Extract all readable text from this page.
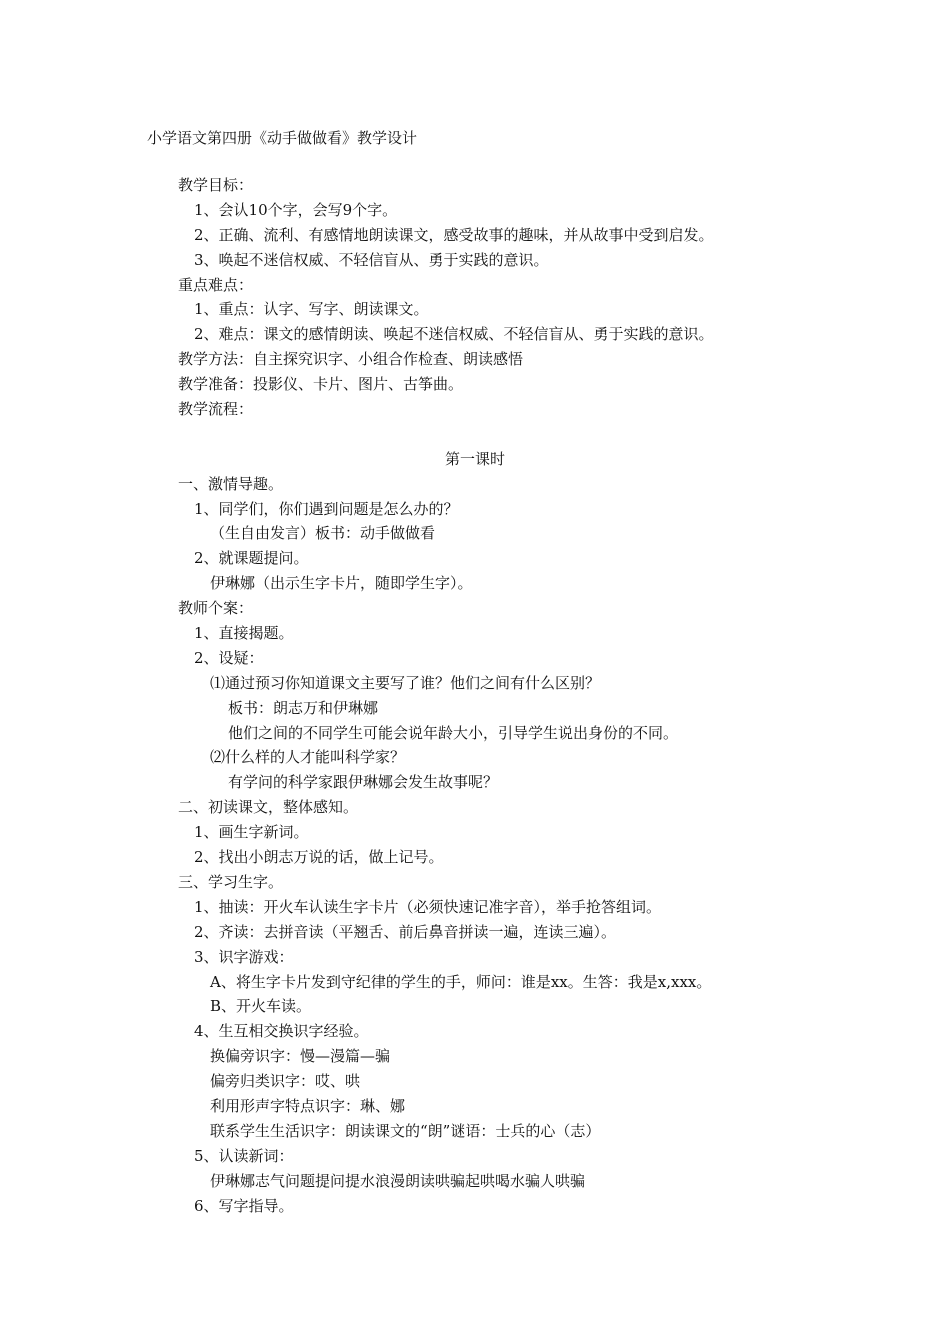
小学语文第四册《动手做做看》教学设计
教学目标：
1、会认10个字，会写9个字。
2、正确、流利、有感情地朗读课文，感受故事的趣味，并从故事中受到启发。
3、唤起不迷信权威、不轻信盲从、勇于实践的意识。
重点难点：
1、重点：认字、写字、朗读课文。
2、难点：课文的感情朗读、唤起不迷信权威、不轻信盲从、勇于实践的意识。
教学方法：自主探究识字、小组合作检查、朗读感悟
教学准备：投影仪、卡片、图片、古筝曲。
教学流程：
第一课时
一、激情导趣。
1、同学们，你们遇到问题是怎么办的？
（生自由发言）板书：动手做做看
2、就课题提问。
伊琳娜（出示生字卡片，随即学生字）。
教师个案：
1、直接揭题。
2、设疑：
⑴通过预习你知道课文主要写了谁？他们之间有什么区别？
板书：朗志万和伊琳娜
他们之间的不同学生可能会说年龄大小，引导学生说出身份的不同。
⑵什么样的人才能叫科学家？
有学问的科学家跟伊琳娜会发生故事呢？
二、初读课文，整体感知。
1、画生字新词。
2、找出小朗志万说的话，做上记号。
三、学习生字。
1、抽读：开火车认读生字卡片（必须快速记准字音），举手抢答组词。
2、齐读：去拼音读（平翘舌、前后鼻音拼读一遍，连读三遍）。
3、识字游戏：
A、将生字卡片发到守纪律的学生的手，师问：谁是xx。生答：我是x,xxx。
B、开火车读。
4、生互相交换识字经验。
换偏旁识字：慢—漫篇—骗
偏旁归类识字：哎、哄
利用形声字特点识字：琳、娜
联系学生生活识字：朗读课文的“朗”谜语：士兵的心（志）
5、认读新词：
伊琳娜志气问题提问提水浪漫朗读哄骗起哄喝水骗人哄骗
6、写字指导。
